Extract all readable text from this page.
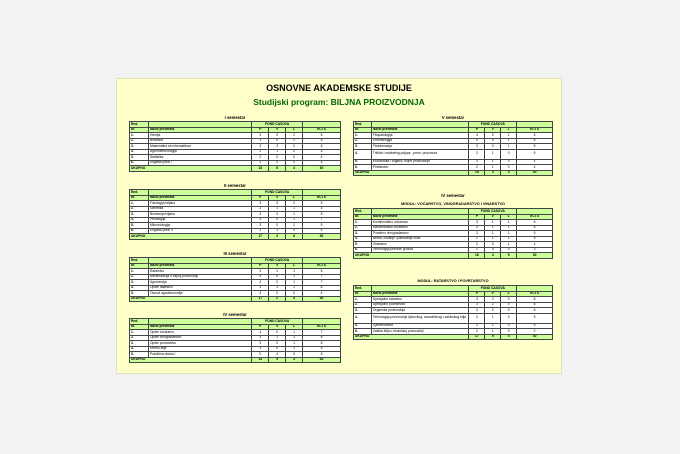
OSNOVNE AKADEMSKE STUDIJE
Studijski program: BILJNA PROIZVODNJA
I semestar
Red.		FOND ČASOVA			
br.	Naziv predmeta	P	V	L	ECTS
1.	Hemija	3	0	2	6
2.	Botanika	3	0	2	6
3.	Matematika sa informatikom	3	3	0	6
4.	Agrometeorologija	2	1	0	4
5.	Statistika	2	2	0	4
6.	Engleski jezik I	2	0	0	4
UKUPNO		15	6	4	30
II semestar
Red.		FOND ČASOVA			
br.	Naziv predmeta	P	V	L	ECTS
1.	Fiziologija biljaka	3	0	2	5
2.	Genetika	2	1	1	4
3.	Biohemija biljaka	3	0	1	5
4.	Pedologija	4	0	1	7
5.	Mikrobiologija	3	0	1	5
6.	Engleski jezik II	2	1	0	4
UKUPNO		17	2	6	30
III semestar
Red.		FOND ČASOVA			
br.	Naziv predmeta	P	V	L	ECTS
1.	Ratarstvo	3	1	1	6
2.	Mehanizacija u biljnoj proizvodnji	4	0	1	7
3.	Agrohemija	4	0	1	7
4.	Opšte ratarstvo	3	1	1	6
5.	Osnovi agroekonomije	3	0	0	4
UKUPNO		17	2	4	30
IV semestar
Red.		FOND ČASOVA			
br.	Naziv predmeta	P	V	L	ECTS
1.	Opšte voćarstvo	4	0	1	7
2.	Opšte vinogradarstvo	3	1	1	6
3.	Opšte povrtarstvo	3	0	1	6
4.	Krmno bilje	3	0	1	5
5.	Praktična obuka I	0	4	0	5
UKUPNO		14	5	4	30
V semestar
Red.		FOND ČASOVA			
br.	Naziv predmeta	P	V	L	ECTS
1.	Fitopatologija	4	0	1	6
2.	Entomologija	4	0	1	6
3.	Fitofarmacija	3	0	1	5
4.	Tržište i marketing poljopr. -prehr. proizvoda	3	1	0	5
5.	Ekonomika i organiz. biljne proizvodnje	3	1	0	4
6.	Pčelarstvo	2	1	0	4
UKUPNO		19	3	3	30
IV semestar
MODUL: VOĆARSTVO, VINOGRADARSTVO I VINARSTVO
Red.		FOND ČASOVA			
br.	Naziv predmeta	P	V	L	ECTS
1.	Kontinentalno voćarstvo	3	1	1	6
2.	Mediteransko voćarstvo	3	1	1	6
3.	Posebno vinogradarstvo	3	1	1	6
4.	Berba, čuvanje i pakovanje voća	2	1	1	5
5.	Vinarstvo	3	0	1	4
6.	Tehnologija prerade grožđa	2	0	0	3
UKUPNO		16	3	5	30
MODUL: RATARSTVO I POVRTARSTVO
Red.		FOND ČASOVA			
br.	Naziv predmeta	P	V	L	ECTS
1.	Specijalno ratarstvo	3	2	0	6
2.	Specijalno povrtarstvo	3	2	0	6
3.	Organska proizvodnja	3	2	0	6
4.	Tehnologija proizvodnje ljekovitog, aromatičnog i začinskog bilja	3	1	0	5
5.	Sjemenarstvo	3	1	0	5
6.	Zaštita bilja u ekološkoj proizvodnji	2	1	0	2
UKUPNO		17	9	0	30
